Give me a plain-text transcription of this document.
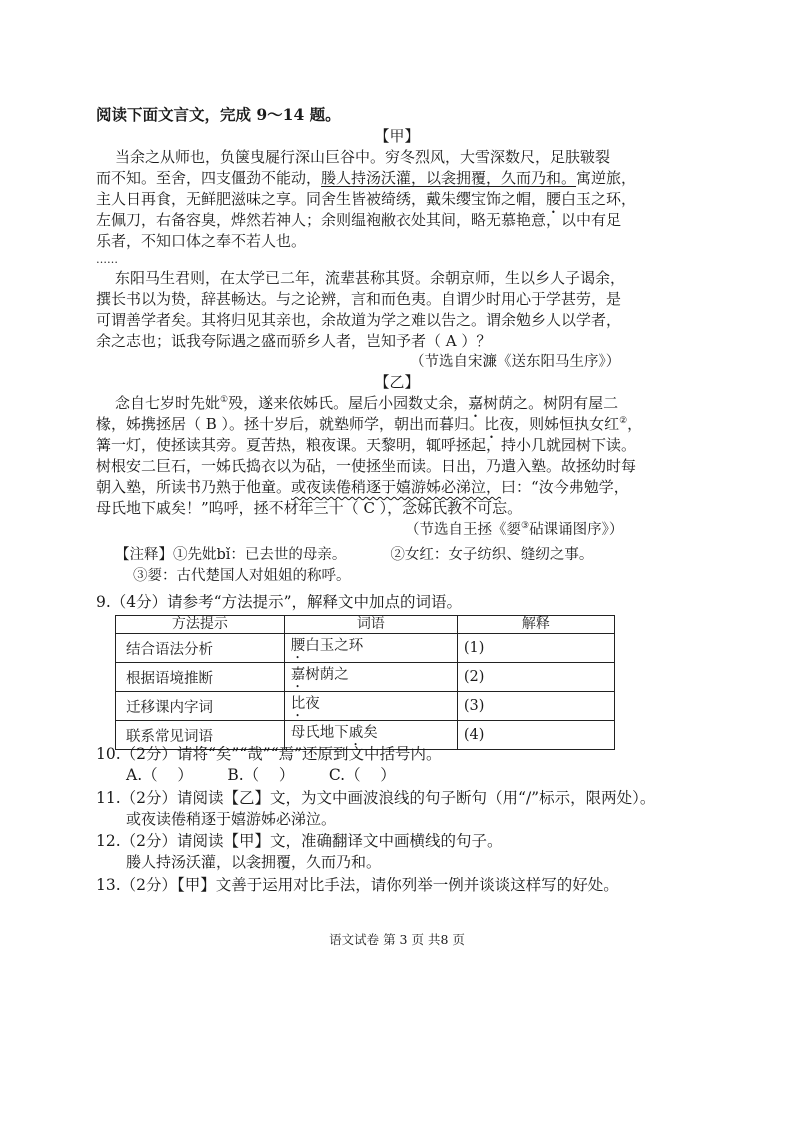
阅读下面文言文，完成 9～14 题。
【甲】
当余之从师也，负箧曳屣行深山巨谷中。穷冬烈风，大雪深数尺，足肤皲裂
而不知。至舍，四支僵劲不能动，媵人持汤沃灌，以衾拥覆，久而乃和。寓逆旅，
主人日再食，无鲜肥滋味之享。同舍生皆被绮绣，戴朱缨宝饰之帽，腰白玉之环，
左佩刀，右备容臭，烨然若神人；余则缊袍敝衣处其间，略无慕艳意，以中有足
乐者，不知口体之奉不若人也。
……
东阳马生君则，在太学已二年，流辈甚称其贤。余朝京师，生以乡人子谒余，
撰长书以为贽，辞甚畅达。与之论辨，言和而色夷。自谓少时用心于学甚劳，是
可谓善学者矣。其将归见其亲也，余故道为学之难以告之。谓余勉乡人以学者，
余之志也；诋我夸际遇之盛而骄乡人者，岂知予者（ A ）？
（节选自宋濂《送东阳马生序》）
【乙】
念自七岁时先妣①殁，遂来依姊氏。屋后小园数丈余，嘉树荫之。树阴有屋二
椽，姊携拯居（ B ）。拯十岁后，就塾师学，朝出而暮归。比夜，则姊恒执女红②，
篝一灯，使拯读其旁。夏苦热，粮夜课。天黎明，辄呼拯起，持小几就园树下读。
树根安二巨石，一姊氏捣衣以为砧，一使拯坐而读。日出，乃遣入塾。故拯幼时每
朝入塾，所读书乃熟于他童。或夜读倦稍逐于嬉游姊必涕泣，曰：“汝今弗勉学，
母氏地下戚矣！”呜呼，拯不材年三十（ C ），念姊氏教不可忘。
（节选自王拯《媭③砧课诵图序》）
【注释】①先妣bǐ：已去世的母亲。	②女红：女子纺织、缝纫之事。
③媭：古代楚国人对姐姐的称呼。
9.（4分）请参考“方法提示”，解释文中加点的词语。
方法提示	词语	解释
结合语法分析	腰白玉之环	(1)
根据语境推断	嘉树荫之	(2)
迁移课内字词	比夜	(3)
联系常见词语	母氏地下戚矣	(4)
10.（2分）请将“矣”“哉”“焉”还原到文中括号内。
A.（    ）       B.（    ）       C.（    ）
11.（2分）请阅读【乙】文，为文中画波浪线的句子断句（用“/”标示，限两处）。
或夜读倦稍逐于嬉游姊必涕泣。
12.（2分）请阅读【甲】文，准确翻译文中画横线的句子。
媵人持汤沃灌，以衾拥覆，久而乃和。
13.（2分）【甲】文善于运用对比手法，请你列举一例并谈谈这样写的好处。
语文试卷 第 3 页 共8 页
